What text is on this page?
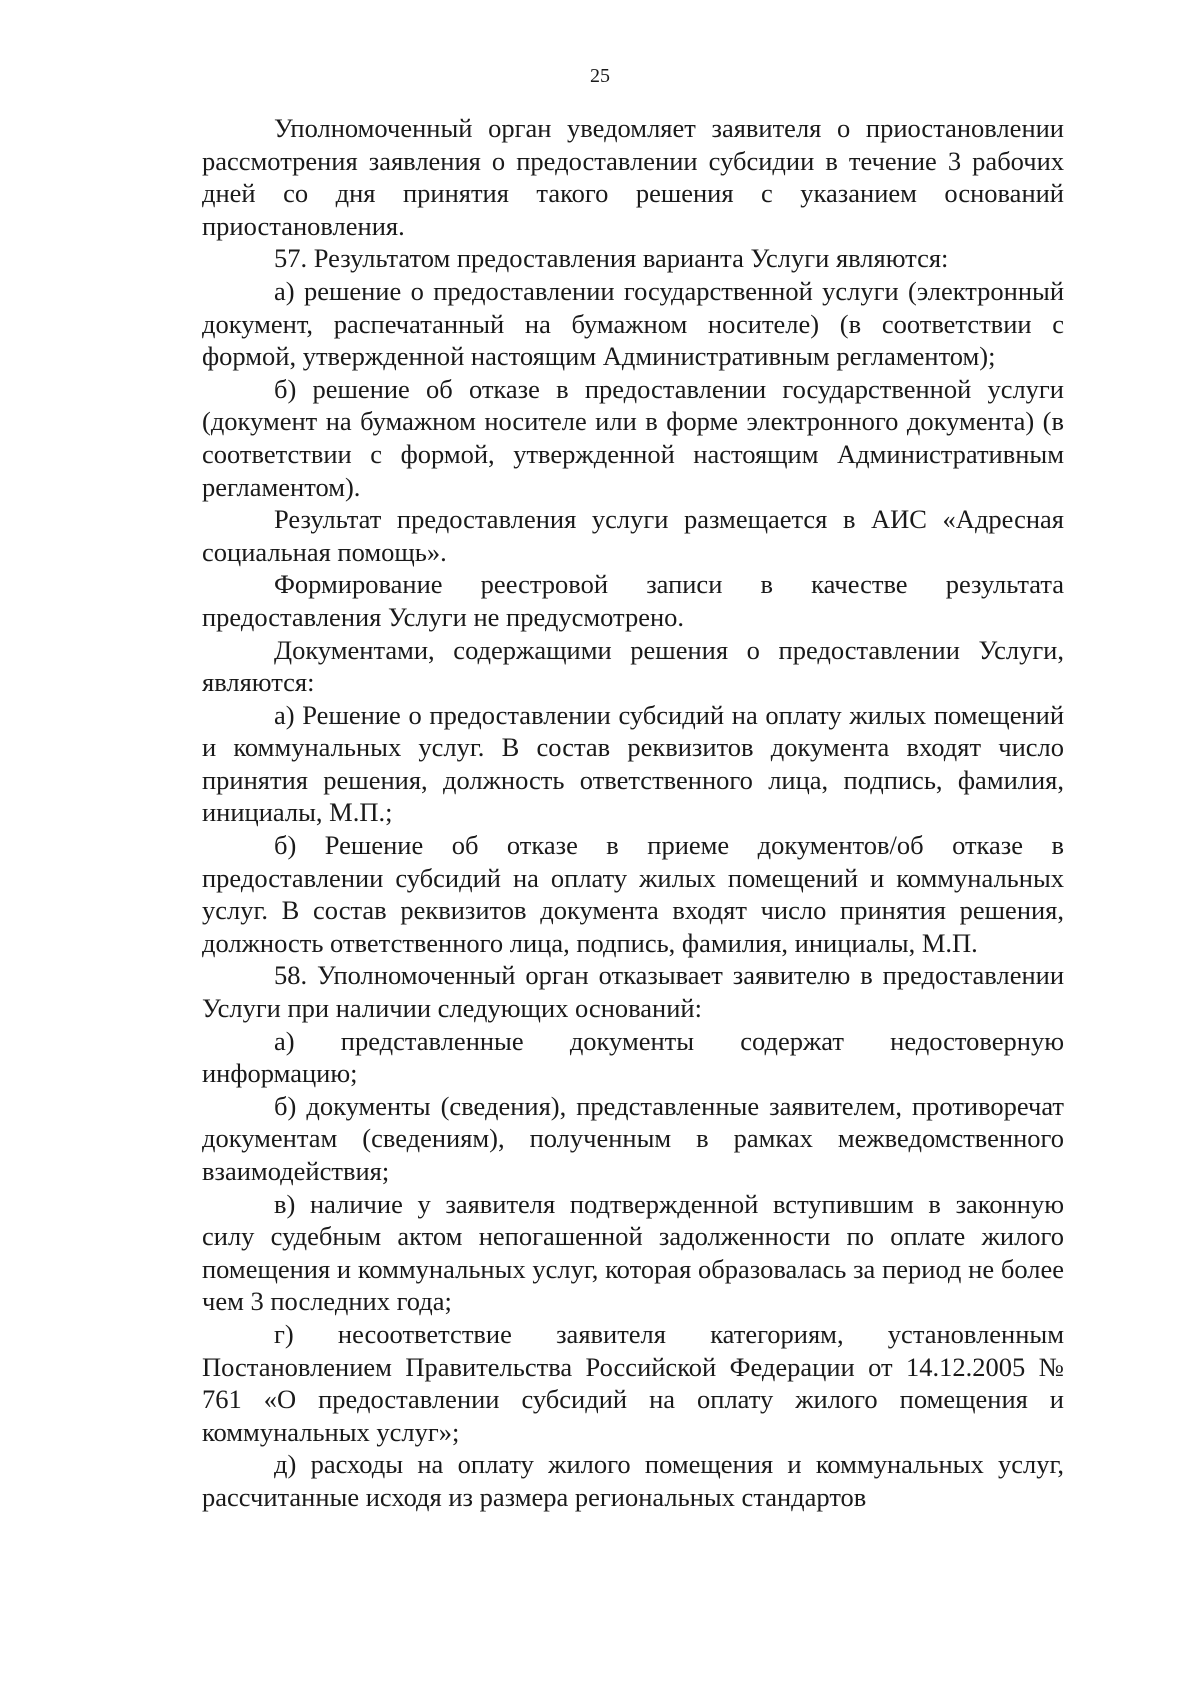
25

Уполномоченный орган уведомляет заявителя о приостановлении рассмотрения заявления о предоставлении субсидии в течение 3 рабочих дней со дня принятия такого решения с указанием оснований приостановления.

57. Результатом предоставления варианта Услуги являются:

а) решение о предоставлении государственной услуги (электронный документ, распечатанный на бумажном носителе) (в соответствии с формой, утвержденной настоящим Административным регламентом);

б) решение об отказе в предоставлении государственной услуги (документ на бумажном носителе или в форме электронного документа) (в соответствии с формой, утвержденной настоящим Административным регламентом).

Результат предоставления услуги размещается в АИС «Адресная социальная помощь».

Формирование реестровой записи в качестве результата предоставления Услуги не предусмотрено.

Документами, содержащими решения о предоставлении Услуги, являются:

а) Решение о предоставлении субсидий на оплату жилых помещений и коммунальных услуг. В состав реквизитов документа входят число принятия решения, должность ответственного лица, подпись, фамилия, инициалы, М.П.;

б) Решение об отказе в приеме документов/об отказе в предоставлении субсидий на оплату жилых помещений и коммунальных услуг. В состав реквизитов документа входят число принятия решения, должность ответственного лица, подпись, фамилия, инициалы, М.П.

58. Уполномоченный орган отказывает заявителю в предоставлении Услуги при наличии следующих оснований:

а) представленные документы содержат недостоверную информацию;

б) документы (сведения), представленные заявителем, противоречат документам (сведениям), полученным в рамках межведомственного взаимодействия;

в) наличие у заявителя подтвержденной вступившим в законную силу судебным актом непогашенной задолженности по оплате жилого помещения и коммунальных услуг, которая образовалась за период не более чем 3 последних года;

г) несоответствие заявителя категориям, установленным Постановлением Правительства Российской Федерации от 14.12.2005 № 761 «О предоставлении субсидий на оплату жилого помещения и коммунальных услуг»;

д) расходы на оплату жилого помещения и коммунальных услуг, рассчитанные исходя из размера региональных стандартов
